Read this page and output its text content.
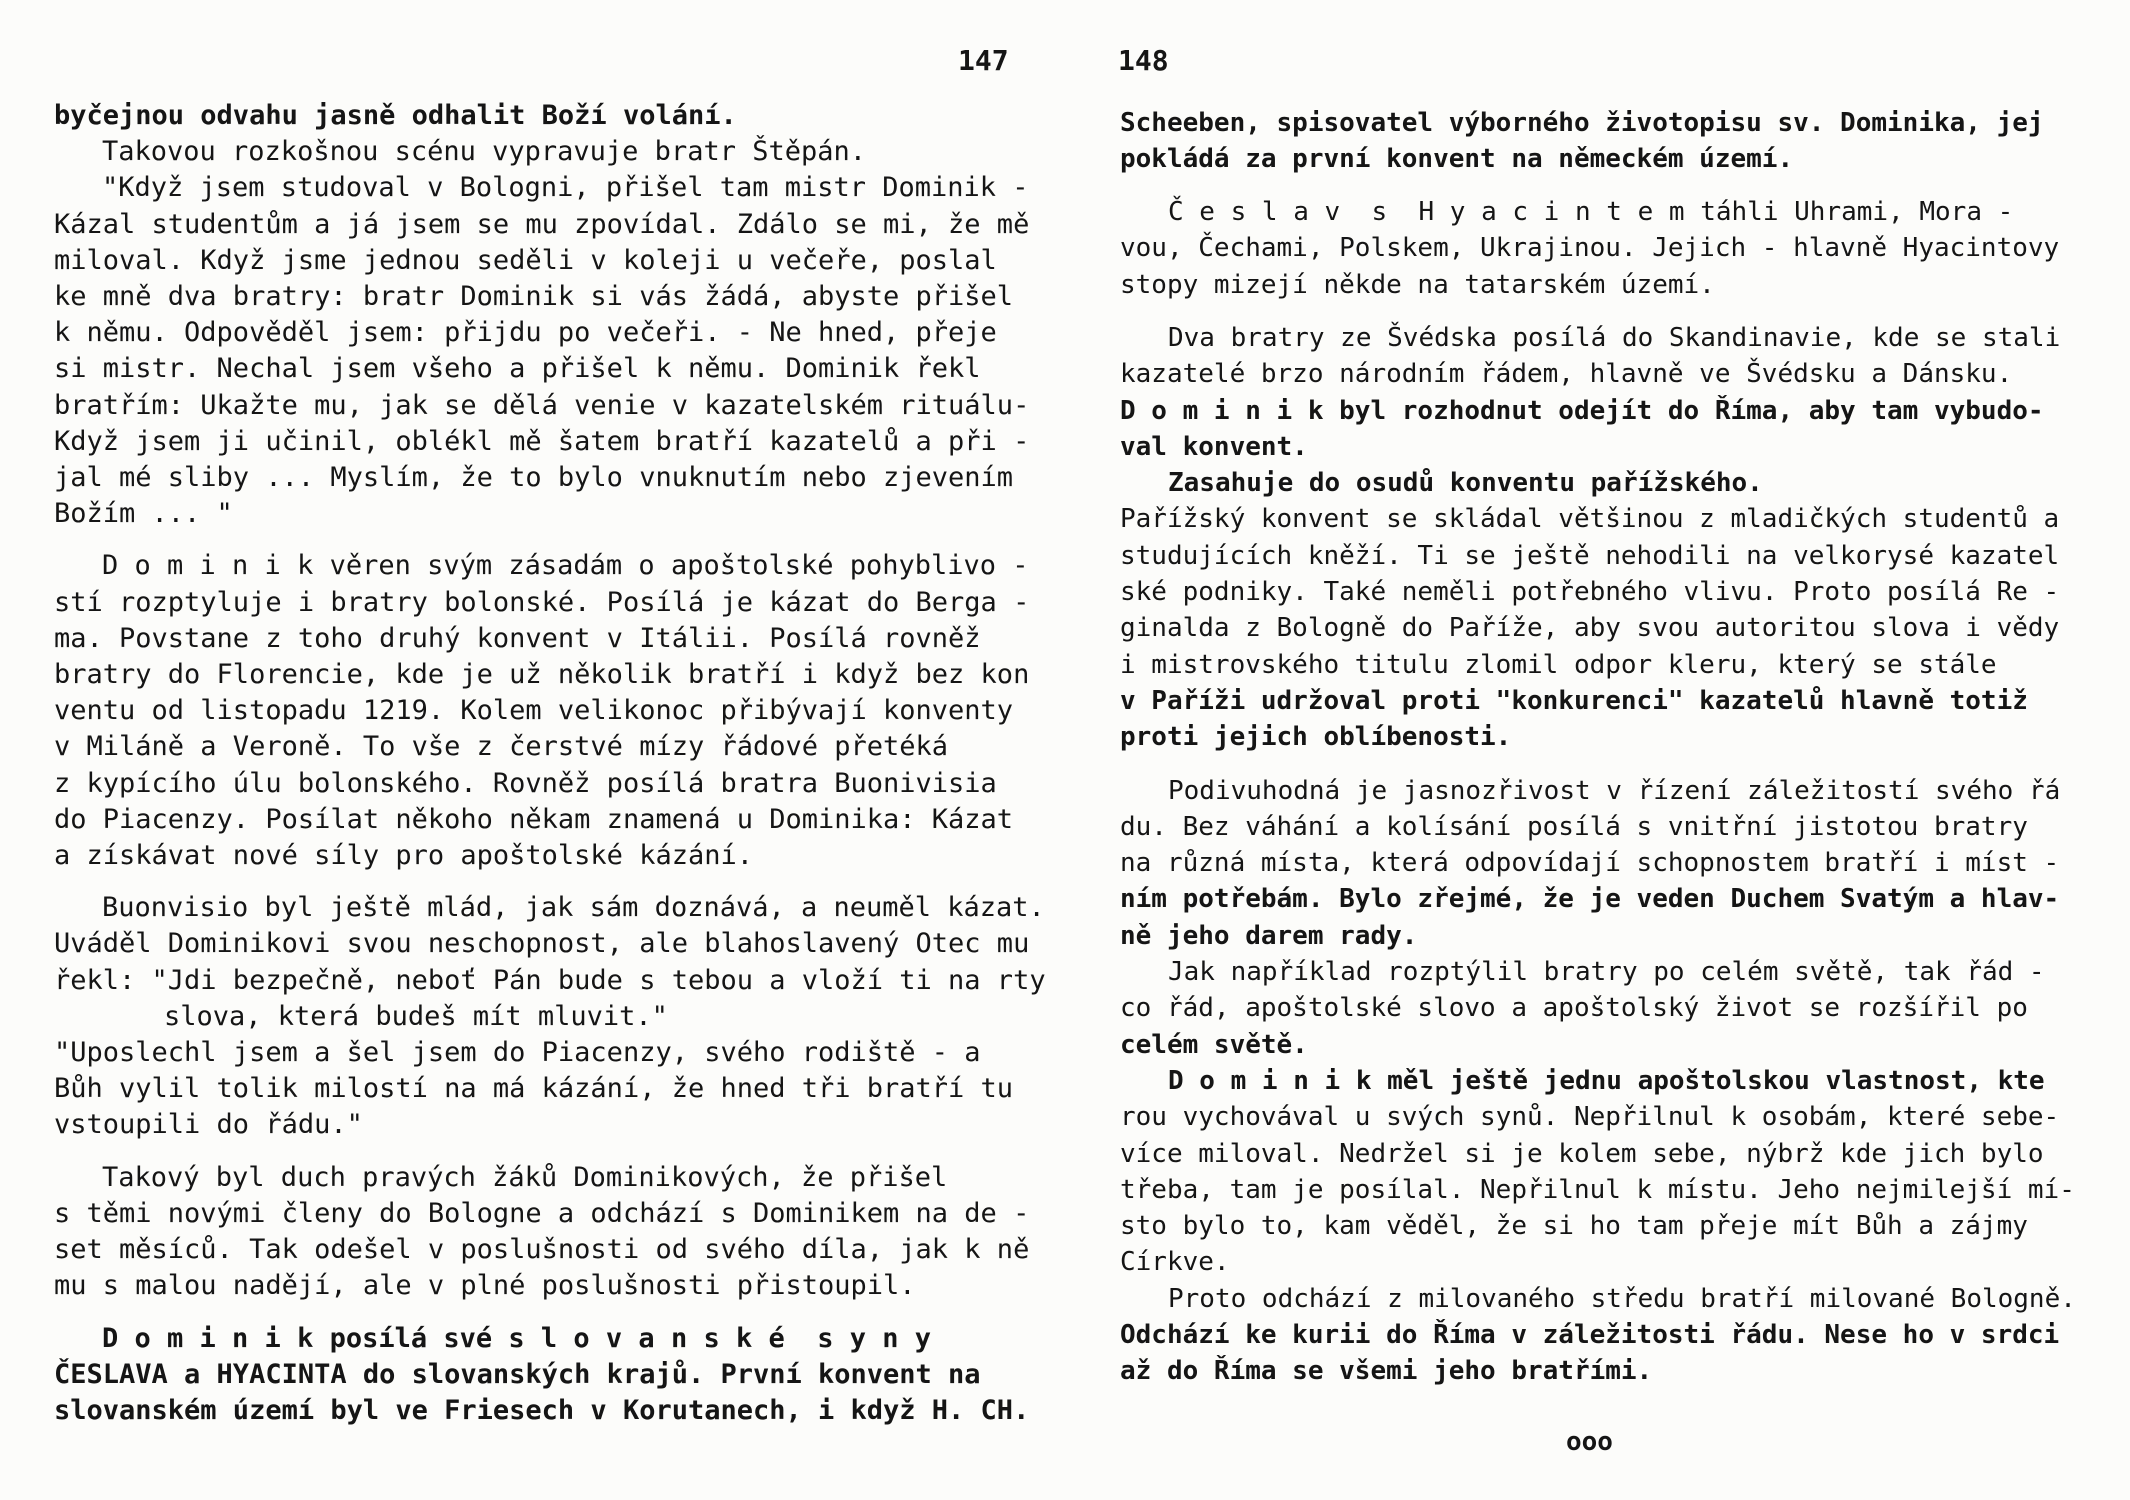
147	148
byčejnou odvahu jasně odhalit Boží volání.
Takovou rozkošnou scénu vypravuje bratr Štěpán.
"Když jsem studoval v Bologni, přišel tam mistr Dominik -
Kázal studentům a já jsem se mu zpovídal. Zdálo se mi, že mě
miloval. Když jsme jednou seděli v koleji u večeře, poslal
ke mně dva bratry: bratr Dominik si vás žádá, abyste přišel
k němu. Odpověděl jsem: přijdu po večeři. - Ne hned, přeje
si mistr. Nechal jsem všeho a přišel k němu. Dominik řekl
bratřím: Ukažte mu, jak se dělá venie v kazatelském rituálu-
Když jsem ji učinil, oblékl mě šatem bratří kazatelů a při -
jal mé sliby ... Myslím, že to bylo vnuknutím nebo zjevením
Božím ... "
D o m i n i k věren svým zásadám o apoštolské pohyblivo -
stí rozptyluje i bratry bolonské. Posílá je kázat do Berga -
ma. Povstane z toho druhý konvent v Itálii. Posílá rovněž
bratry do Florencie, kde je už několik bratří i když bez kon
ventu od listopadu 1219. Kolem velikonoc přibývají konventy
v Miláně a Veroně. To vše z čerstvé mízy řádové přetéká
z kypícího úlu bolonského. Rovněž posílá bratra Buonivisia
do Piacenzy. Posílat někoho někam znamená u Dominika: Kázat
a získávat nové síly pro apoštolské kázání.
Buonvisio byl ještě mlád, jak sám doznává, a neuměl kázat.
Uváděl Dominikovi svou neschopnost, ale blahoslavený Otec mu
řekl: "Jdi bezpečně, neboť Pán bude s tebou a vloží ti na rty
slova, která budeš mít mluvit."
"Uposlechl jsem a šel jsem do Piacenzy, svého rodiště - a
Bůh vylil tolik milostí na má kázání, že hned tři bratří tu
vstoupili do řádu."
Takový byl duch pravých žáků Dominikových, že přišel
s těmi novými členy do Bologne a odchází s Dominikem na de -
set měsíců. Tak odešel v poslušnosti od svého díla, jak k ně
mu s malou nadějí, ale v plné poslušnosti přistoupil.
D o m i n i k posílá své s l o v a n s k é  s y n y
ČESLAVA a HYACINTA do slovanských krajů. První konvent na
slovanském území byl ve Friesech v Korutanech, i když H. CH.
Scheeben, spisovatel výborného životopisu sv. Dominika, jej
pokládá za první konvent na německém území.
Č e s l a v  s  H y a c i n t e m táhli Uhrami, Mora -
vou, Čechami, Polskem, Ukrajinou. Jejich - hlavně Hyacintovy
stopy mizejí někde na tatarském území.
Dva bratry ze Švédska posílá do Skandinavie, kde se stali
kazatelé brzo národním řádem, hlavně ve Švédsku a Dánsku.
D o m i n i k byl rozhodnut odejít do Říma, aby tam vybudo-
val konvent.
Zasahuje do osudů konventu pařížského.
Pařížský konvent se skládal většinou z mladičkých studentů a
studujících kněží. Ti se ještě nehodili na velkorysé kazatel
ské podniky. Také neměli potřebného vlivu. Proto posílá Re -
ginalda z Bologně do Paříže, aby svou autoritou slova i vědy
i mistrovského titulu zlomil odpor kleru, který se stále
v Paříži udržoval proti "konkurenci" kazatelů hlavně totiž
proti jejich oblíbenosti.
Podivuhodná je jasnozřivost v řízení záležitostí svého řá
du. Bez váhání a kolísání posílá s vnitřní jistotou bratry
na různá místa, která odpovídají schopnostem bratří i míst -
ním potřebám. Bylo zřejmé, že je veden Duchem Svatým a hlav-
ně jeho darem rady.
Jak například rozptýlil bratry po celém světě, tak řád -
co řád, apoštolské slovo a apoštolský život se rozšířil po
celém světě.
D o m i n i k měl ještě jednu apoštolskou vlastnost, kte
rou vychovával u svých synů. Nepřilnul k osobám, které sebe-
více miloval. Nedržel si je kolem sebe, nýbrž kde jich bylo
třeba, tam je posílal. Nepřilnul k místu. Jeho nejmilejší mí-
sto bylo to, kam věděl, že si ho tam přeje mít Bůh a zájmy
Církve.
Proto odchází z milovaného středu bratří milované Bologně.
Odchází ke kurii do Říma v záležitosti řádu. Nese ho v srdci
až do Říma se všemi jeho bratřími.
ooo
